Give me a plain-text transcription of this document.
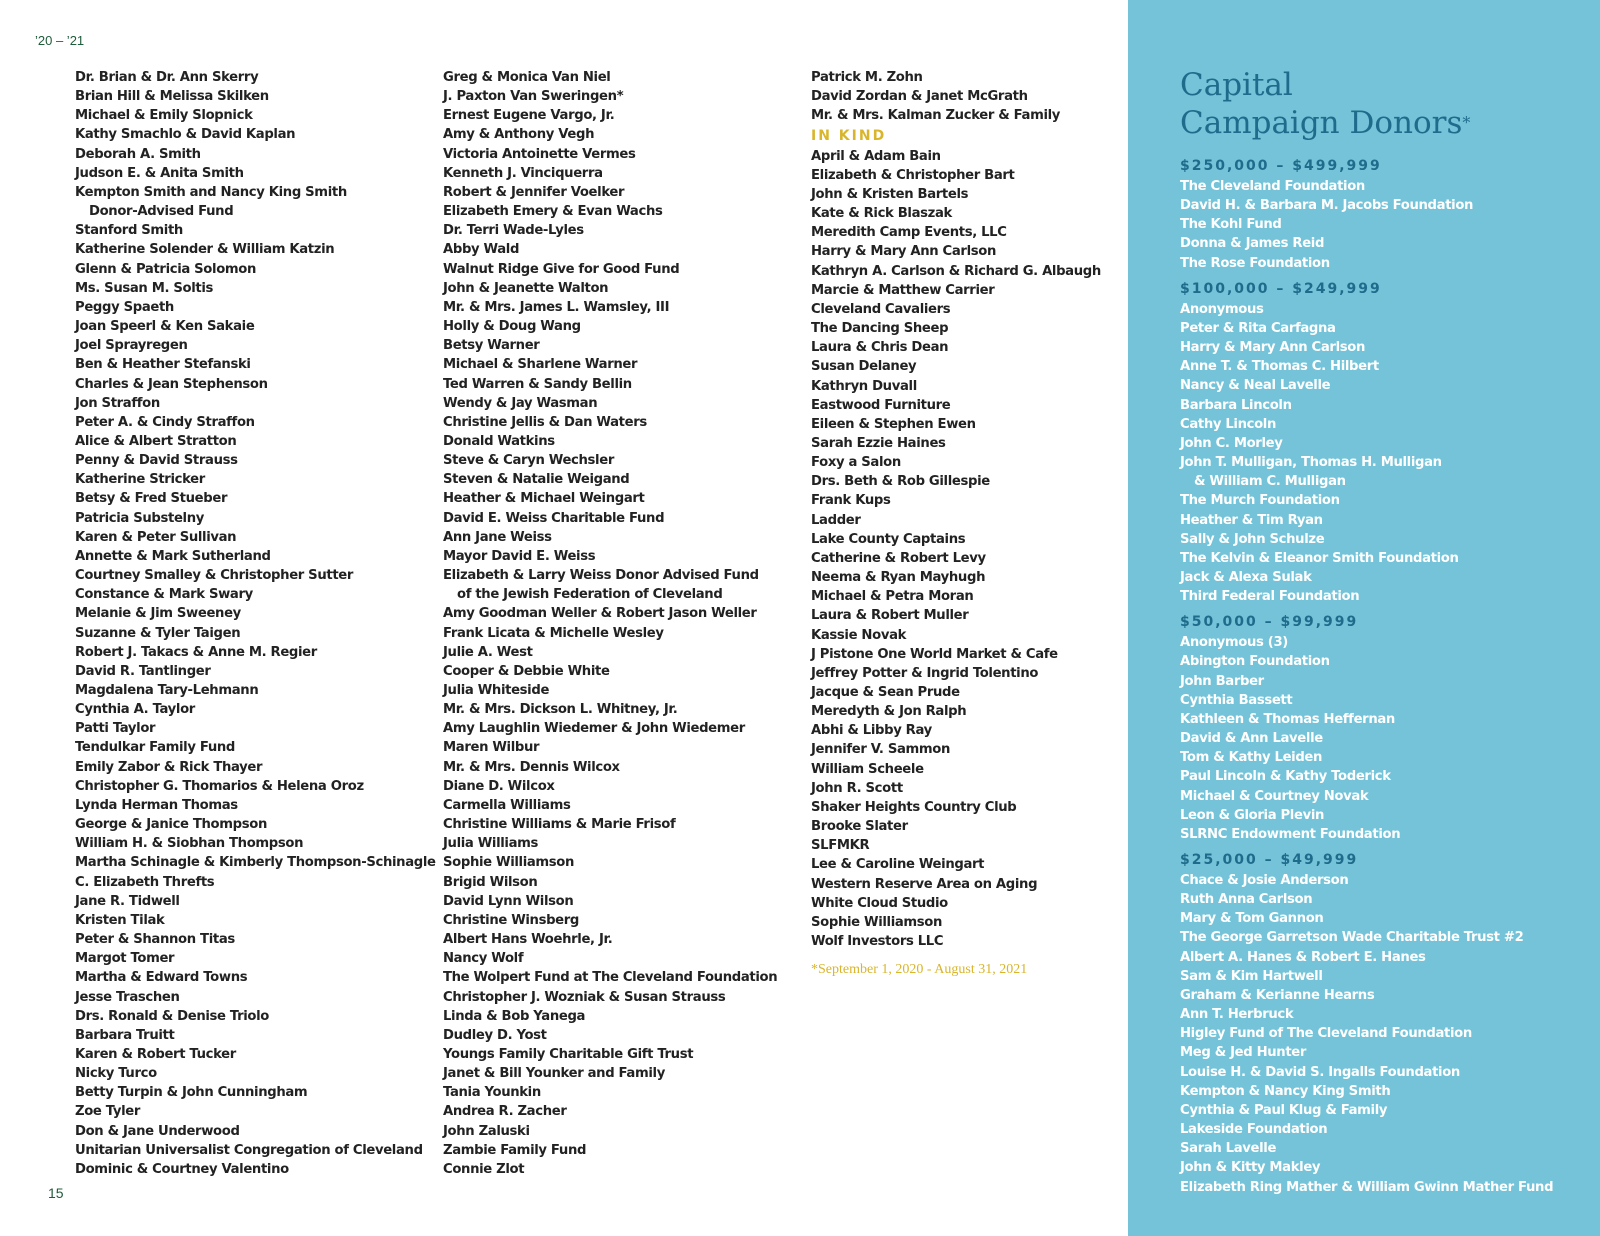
’20 – ’21
Dr. Brian & Dr. Ann Skerry
Brian Hill & Melissa Skilken
Michael & Emily Slopnick
Kathy Smachlo & David Kaplan
Deborah A. Smith
Judson E. & Anita Smith
Kempton Smith and Nancy King Smith
Donor-Advised Fund
Stanford Smith
Katherine Solender & William Katzin
Glenn & Patricia Solomon
Ms. Susan M. Soltis
Peggy Spaeth
Joan Speerl & Ken Sakaie
Joel Sprayregen
Ben & Heather Stefanski
Charles & Jean Stephenson
Jon Straffon
Peter A. & Cindy Straffon
Alice & Albert Stratton
Penny & David Strauss
Katherine Stricker
Betsy & Fred Stueber
Patricia Substelny
Karen & Peter Sullivan
Annette & Mark Sutherland
Courtney Smalley & Christopher Sutter
Constance & Mark Swary
Melanie & Jim Sweeney
Suzanne & Tyler Taigen
Robert J. Takacs & Anne M. Regier
David R. Tantlinger
Magdalena Tary-Lehmann
Cynthia A. Taylor
Patti Taylor
Tendulkar Family Fund
Emily Zabor & Rick Thayer
Christopher G. Thomarios & Helena Oroz
Lynda Herman Thomas
George & Janice Thompson
William H. & Siobhan Thompson
Martha Schinagle & Kimberly Thompson-Schinagle
C. Elizabeth Threfts
Jane R. Tidwell
Kristen Tilak
Peter & Shannon Titas
Margot Tomer
Martha & Edward Towns
Jesse Traschen
Drs. Ronald & Denise Triolo
Barbara Truitt
Karen & Robert Tucker
Nicky Turco
Betty Turpin & John Cunningham
Zoe Tyler
Don & Jane Underwood
Unitarian Universalist Congregation of Cleveland
Dominic & Courtney Valentino
Greg & Monica Van Niel
J. Paxton Van Sweringen*
Ernest Eugene Vargo, Jr.
Amy & Anthony Vegh
Victoria Antoinette Vermes
Kenneth J. Vinciquerra
Robert & Jennifer Voelker
Elizabeth Emery & Evan Wachs
Dr. Terri Wade-Lyles
Abby Wald
Walnut Ridge Give for Good Fund
John & Jeanette Walton
Mr. & Mrs. James L. Wamsley, III
Holly & Doug Wang
Betsy Warner
Michael & Sharlene Warner
Ted Warren & Sandy Bellin
Wendy & Jay Wasman
Christine Jellis & Dan Waters
Donald Watkins
Steve & Caryn Wechsler
Steven & Natalie Weigand
Heather & Michael Weingart
David E. Weiss Charitable Fund
Ann Jane Weiss
Mayor David E. Weiss
Elizabeth & Larry Weiss Donor Advised Fund
of the Jewish Federation of Cleveland
Amy Goodman Weller & Robert Jason Weller
Frank Licata & Michelle Wesley
Julie A. West
Cooper & Debbie White
Julia Whiteside
Mr. & Mrs. Dickson L. Whitney, Jr.
Amy Laughlin Wiedemer & John Wiedemer
Maren Wilbur
Mr. & Mrs. Dennis Wilcox
Diane D. Wilcox
Carmella Williams
Christine Williams & Marie Frisof
Julia Williams
Sophie Williamson
Brigid Wilson
David Lynn Wilson
Christine Winsberg
Albert Hans Woehrle, Jr.
Nancy Wolf
The Wolpert Fund at The Cleveland Foundation
Christopher J. Wozniak & Susan Strauss
Linda & Bob Yanega
Dudley D. Yost
Youngs Family Charitable Gift Trust
Janet & Bill Younker and Family
Tania Younkin
Andrea R. Zacher
John Zaluski
Zambie Family Fund
Connie Zlot
Patrick M. Zohn
David Zordan & Janet McGrath
Mr. & Mrs. Kalman Zucker & Family
IN KIND
April & Adam Bain
Elizabeth & Christopher Bart
John & Kristen Bartels
Kate & Rick Blaszak
Meredith Camp Events, LLC
Harry & Mary Ann Carlson
Kathryn A. Carlson & Richard G. Albaugh
Marcie & Matthew Carrier
Cleveland Cavaliers
The Dancing Sheep
Laura & Chris Dean
Susan Delaney
Kathryn Duvall
Eastwood Furniture
Eileen & Stephen Ewen
Sarah Ezzie Haines
Foxy a Salon
Drs. Beth & Rob Gillespie
Frank Kups
Ladder
Lake County Captains
Catherine & Robert Levy
Neema & Ryan Mayhugh
Michael & Petra Moran
Laura & Robert Muller
Kassie Novak
J Pistone One World Market & Cafe
Jeffrey Potter & Ingrid Tolentino
Jacque & Sean Prude
Meredyth & Jon Ralph
Abhi & Libby Ray
Jennifer V. Sammon
William Scheele
John R. Scott
Shaker Heights Country Club
Brooke Slater
SLFMKR
Lee & Caroline Weingart
Western Reserve Area on Aging
White Cloud Studio
Sophie Williamson
Wolf Investors LLC
*September 1, 2020 - August 31, 2021
15
Capital
Campaign Donors*
$250,000 – $499,999
The Cleveland Foundation
David H. & Barbara M. Jacobs Foundation
The Kohl Fund
Donna & James Reid
The Rose Foundation
$100,000 – $249,999
Anonymous
Peter & Rita Carfagna
Harry & Mary Ann Carlson
Anne T. & Thomas C. Hilbert
Nancy & Neal Lavelle
Barbara Lincoln
Cathy Lincoln
John C. Morley
John T. Mulligan, Thomas H. Mulligan
& William C. Mulligan
The Murch Foundation
Heather & Tim Ryan
Sally & John Schulze
The Kelvin & Eleanor Smith Foundation
Jack & Alexa Sulak
Third Federal Foundation
$50,000 – $99,999
Anonymous (3)
Abington Foundation
John Barber
Cynthia Bassett
Kathleen & Thomas Heffernan
David & Ann Lavelle
Tom & Kathy Leiden
Paul Lincoln & Kathy Toderick
Michael & Courtney Novak
Leon & Gloria Plevin
SLRNC Endowment Foundation
$25,000 – $49,999
Chace & Josie Anderson
Ruth Anna Carlson
Mary & Tom Gannon
The George Garretson Wade Charitable Trust #2
Albert A. Hanes & Robert E. Hanes
Sam & Kim Hartwell
Graham & Kerianne Hearns
Ann T. Herbruck
Higley Fund of The Cleveland Foundation
Meg & Jed Hunter
Louise H. & David S. Ingalls Foundation
Kempton & Nancy King Smith
Cynthia & Paul Klug & Family
Lakeside Foundation
Sarah Lavelle
John & Kitty Makley
Elizabeth Ring Mather & William Gwinn Mather Fund
